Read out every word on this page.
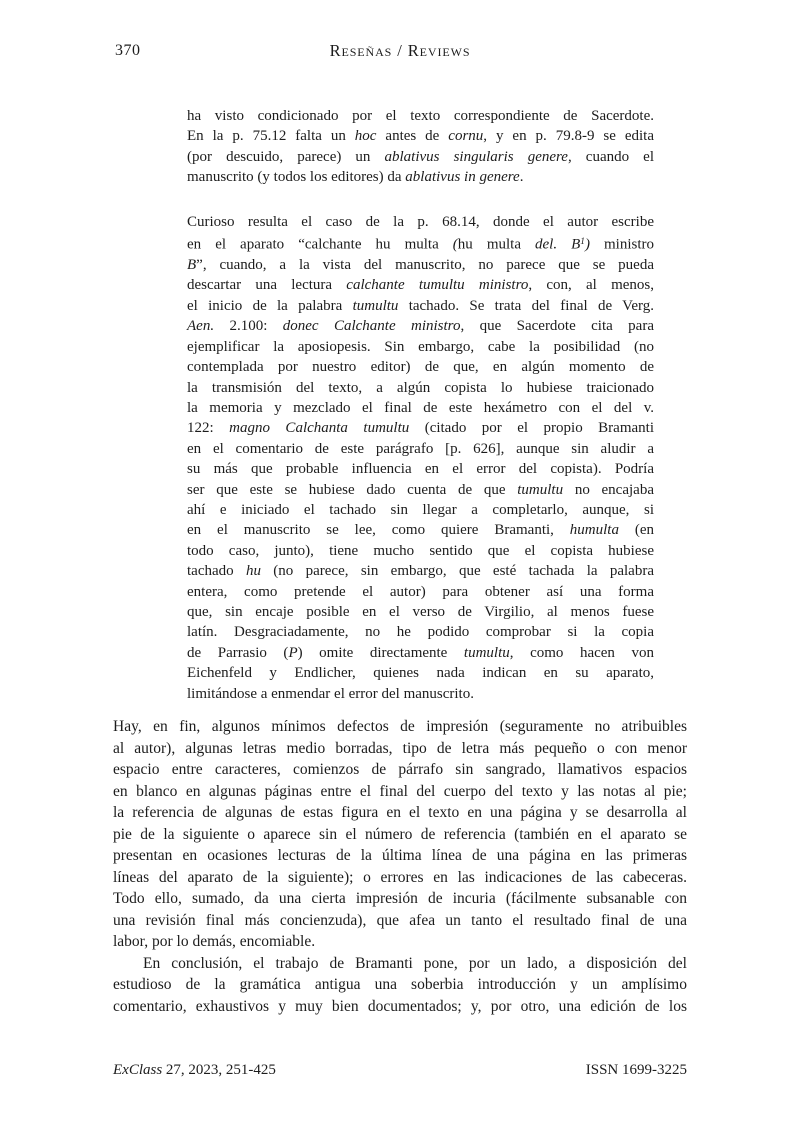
370	Reseñas / Reviews
ha visto condicionado por el texto correspondiente de Sacerdote.
En la p. 75.12 falta un hoc antes de cornu, y en p. 79.8-9 se edita
(por descuido, parece) un ablativus singularis genere, cuando el
manuscrito (y todos los editores) da ablativus in genere.
Curioso resulta el caso de la p. 68.14, donde el autor escribe
en el aparato “calchante hu multa (hu multa del. $B^1$) ministro
B”, cuando, a la vista del manuscrito, no parece que se pueda
descartar una lectura calchante tumultu ministro, con, al menos,
el inicio de la palabra tumultu tachado. Se trata del final de Verg.
Aen. 2.100: donec Calchante ministro, que Sacerdote cita para
ejemplificar la aposiopesis. Sin embargo, cabe la posibilidad (no
contemplada por nuestro editor) de que, en algún momento de
la transmisión del texto, a algún copista lo hubiese traicionado
la memoria y mezclado el final de este hexámetro con el del v.
122: magno Calchanta tumultu (citado por el propio Bramanti
en el comentario de este parágrafo [p. 626], aunque sin aludir a
su más que probable influencia en el error del copista). Podría
ser que este se hubiese dado cuenta de que tumultu no encajaba
ahí e iniciado el tachado sin llegar a completarlo, aunque, si
en el manuscrito se lee, como quiere Bramanti, humulta (en
todo caso, junto), tiene mucho sentido que el copista hubiese
tachado hu (no parece, sin embargo, que esté tachada la palabra
entera, como pretende el autor) para obtener así una forma
que, sin encaje posible en el verso de Virgilio, al menos fuese
latín. Desgraciadamente, no he podido comprobar si la copia
de Parrasio (P) omite directamente tumultu, como hacen von
Eichenfeld y Endlicher, quienes nada indican en su aparato,
limitándose a enmendar el error del manuscrito.
Hay, en fin, algunos mínimos defectos de impresión (seguramente no atribuibles
al autor), algunas letras medio borradas, tipo de letra más pequeño o con menor
espacio entre caracteres, comienzos de párrafo sin sangrado, llamativos espacios
en blanco en algunas páginas entre el final del cuerpo del texto y las notas al pie;
la referencia de algunas de estas figura en el texto en una página y se desarrolla al
pie de la siguiente o aparece sin el número de referencia (también en el aparato se
presentan en ocasiones lecturas de la última línea de una página en las primeras
líneas del aparato de la siguiente); o errores en las indicaciones de las cabeceras.
Todo ello, sumado, da una cierta impresión de incuria (fácilmente subsanable con
una revisión final más concienzuda), que afea un tanto el resultado final de una
labor, por lo demás, encomiable.
En conclusión, el trabajo de Bramanti pone, por un lado, a disposición del
estudioso de la gramática antigua una soberbia introducción y un amplísimo
comentario, exhaustivos y muy bien documentados; y, por otro, una edición de los
ExClass 27, 2023, 251-425	ISSN 1699-3225
